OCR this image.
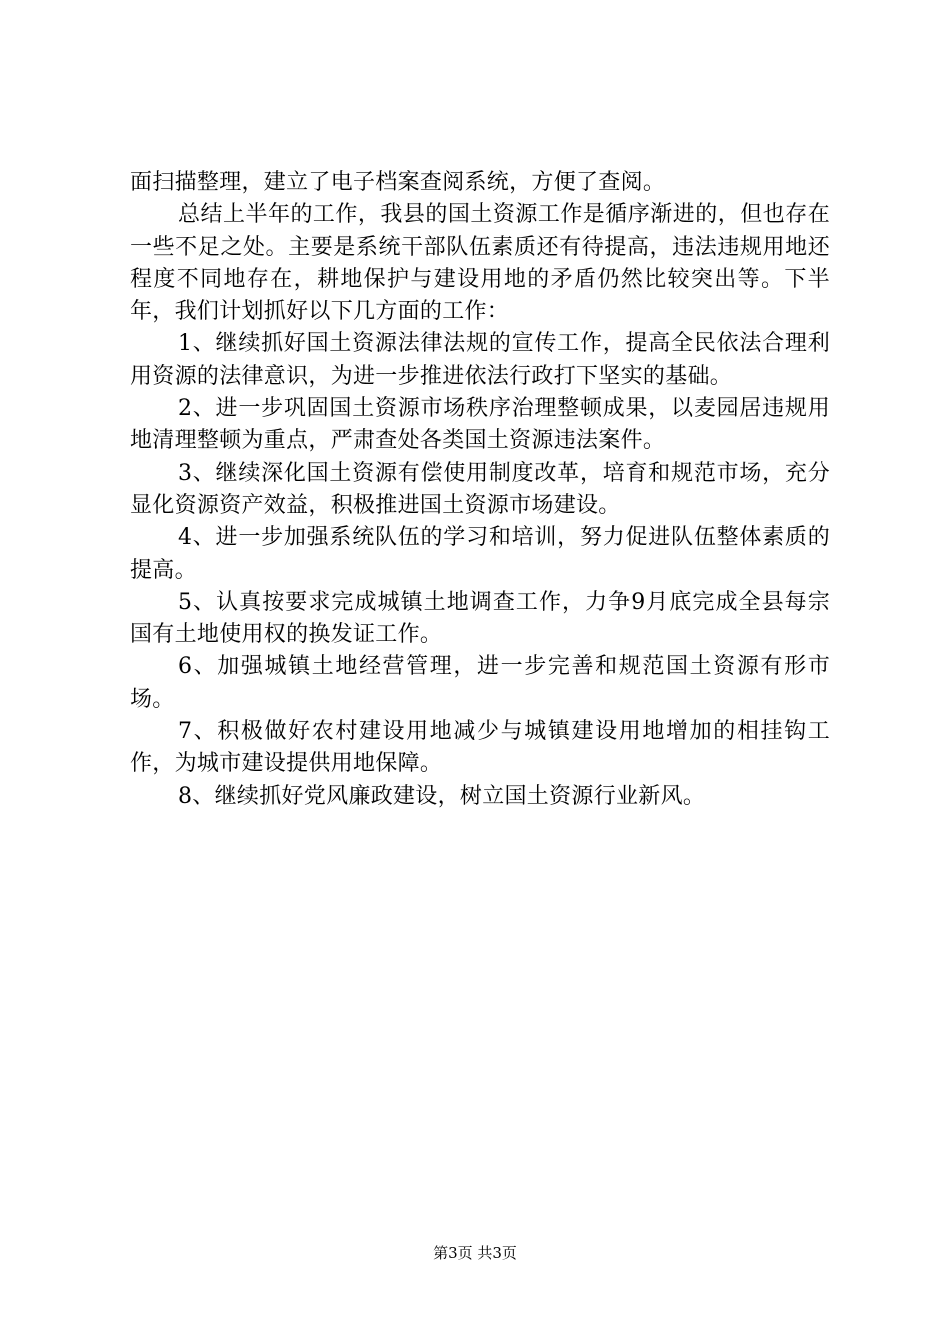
面扫描整理，建立了电子档案查阅系统，方便了查阅。

总结上半年的工作，我县的国土资源工作是循序渐进的，但也存在一些不足之处。主要是系统干部队伍素质还有待提高，违法违规用地还程度不同地存在，耕地保护与建设用地的矛盾仍然比较突出等。下半年，我们计划抓好以下几方面的工作：

1、继续抓好国土资源法律法规的宣传工作，提高全民依法合理利用资源的法律意识，为进一步推进依法行政打下坚实的基础。

2、进一步巩固国土资源市场秩序治理整顿成果，以麦园居违规用地清理整顿为重点，严肃查处各类国土资源违法案件。

3、继续深化国土资源有偿使用制度改革，培育和规范市场，充分显化资源资产效益，积极推进国土资源市场建设。

4、进一步加强系统队伍的学习和培训，努力促进队伍整体素质的提高。

5、认真按要求完成城镇土地调查工作，力争9月底完成全县每宗国有土地使用权的换发证工作。

6、加强城镇土地经营管理，进一步完善和规范国土资源有形市场。

7、积极做好农村建设用地减少与城镇建设用地增加的相挂钩工作，为城市建设提供用地保障。

8、继续抓好党风廉政建设，树立国土资源行业新风。

第3页 共3页
